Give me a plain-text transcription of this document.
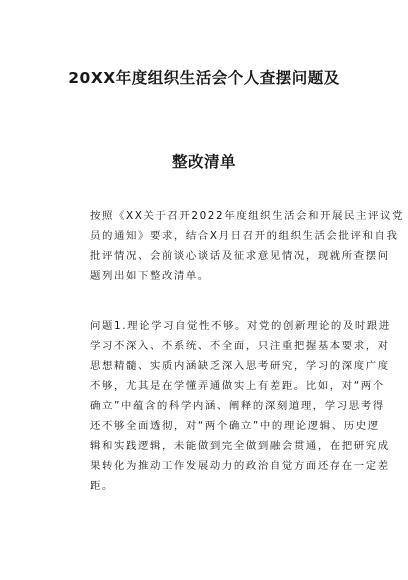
20XX年度组织生活会个人查摆问题及
整改清单
按照《XX关于召开2022年度组织生活会和开展民主评议党
员的通知》要求，结合X月日召开的组织生活会批评和自我
批评情况、会前谈心谈话及征求意见情况，现就所查摆问
题列出如下整改清单。
问题1.理论学习自觉性不够。对党的创新理论的及时跟进
学习不深入、不系统、不全面，只注重把握基本要求，对
思想精髓、实质内涵缺乏深入思考研究，学习的深度广度
不够，尤其是在学懂弄通做实上有差距。比如，对“两个
确立”中蕴含的科学内涵、阐释的深刻道理，学习思考得
还不够全面透彻，对“两个确立”中的理论逻辑、历史逻
辑和实践逻辑，未能做到完全做到融会贯通，在把研究成
果转化为推动工作发展动力的政治自觉方面还存在一定差
距。
